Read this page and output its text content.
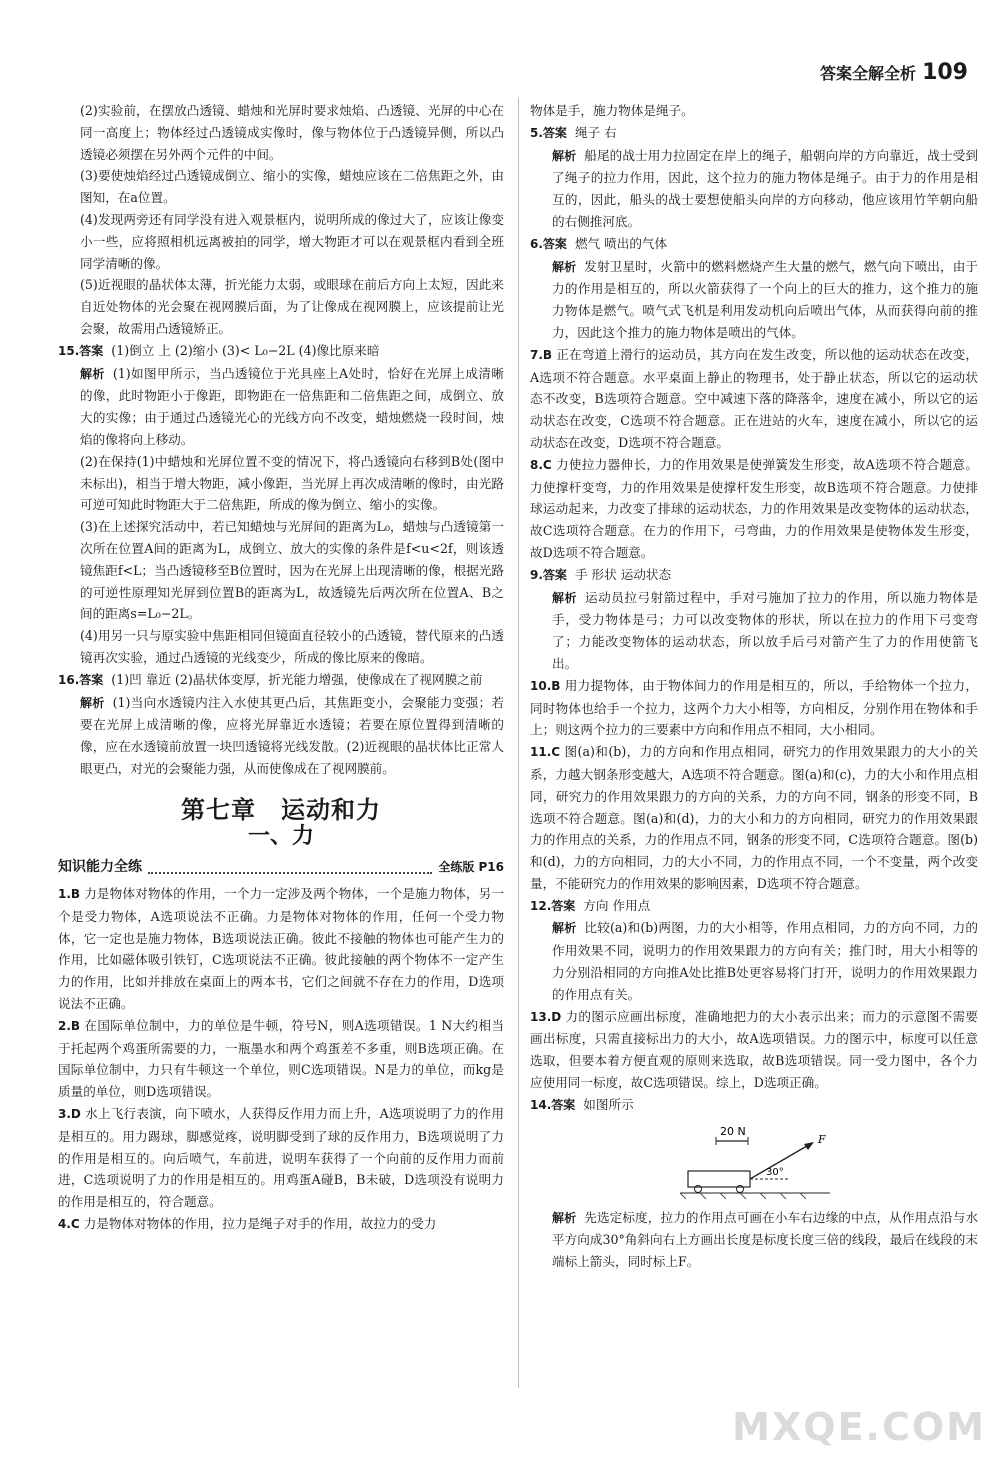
答案全解全析 109

(2)实验前，在摆放凸透镜、蜡烛和光屏时要求烛焰、凸透镜、光屏的中心在同一高度上；物体经过凸透镜成实像时，像与物体位于凸透镜异侧，所以凸透镜必须摆在另外两个元件的中间。

(3)要使烛焰经过凸透镜成倒立、缩小的实像，蜡烛应该在二倍焦距之外，由图知，在a位置。

(4)发现两旁还有同学没有进入观景框内，说明所成的像过大了，应该让像变小一些，应将照相机远离被拍的同学，增大物距才可以在观景框内看到全班同学清晰的像。

(5)近视眼的晶状体太薄，折光能力太弱，或眼球在前后方向上太短，因此来自近处物体的光会聚在视网膜后面，为了让像成在视网膜上，应该提前让光会聚，故需用凸透镜矫正。

15.答案 (1)倒立 上 (2)缩小 (3)< L₀−2L (4)像比原来暗

解析 (1)如图甲所示，当凸透镜位于光具座上A处时，恰好在光屏上成清晰的像，此时物距小于像距，即物距在一倍焦距和二倍焦距之间，成倒立、放大的实像；由于通过凸透镜光心的光线方向不改变，蜡烛燃烧一段时间，烛焰的像将向上移动。

(2)在保持(1)中蜡烛和光屏位置不变的情况下，将凸透镜向右移到B处(图中未标出)，相当于增大物距，减小像距，当光屏上再次成清晰的像时，由光路可逆可知此时物距大于二倍焦距，所成的像为倒立、缩小的实像。

(3)在上述探究活动中，若已知蜡烛与光屏间的距离为L₀，蜡烛与凸透镜第一次所在位置A间的距离为L，成倒立、放大的实像的条件是f<u<2f，则该透镜焦距f<L；当凸透镜移至B位置时，因为在光屏上出现清晰的像，根据光路的可逆性原理知光屏到位置B的距离为L，故透镜先后两次所在位置A、B之间的距离s=L₀−2L。

(4)用另一只与原实验中焦距相同但镜面直径较小的凸透镜，替代原来的凸透镜再次实验，通过凸透镜的光线变少，所成的像比原来的像暗。

16.答案 (1)凹 靠近 (2)晶状体变厚，折光能力增强，使像成在了视网膜之前

解析 (1)当向水透镜内注入水使其更凸后，其焦距变小，会聚能力变强；若要在光屏上成清晰的像，应将光屏靠近水透镜；若要在原位置得到清晰的像，应在水透镜前放置一块凹透镜将光线发散。(2)近视眼的晶状体比正常人眼更凸，对光的会聚能力强，从而使像成在了视网膜前。

第七章　运动和力
一、力
知识能力全练	全练版 P16

1.B 力是物体对物体的作用，一个力一定涉及两个物体，一个是施力物体，另一个是受力物体，A选项说法不正确。力是物体对物体的作用，任何一个受力物体，它一定也是施力物体，B选项说法正确。彼此不接触的物体也可能产生力的作用，比如磁体吸引铁钉，C选项说法不正确。彼此接触的两个物体不一定产生力的作用，比如并排放在桌面上的两本书，它们之间就不存在力的作用，D选项说法不正确。

2.B 在国际单位制中，力的单位是牛顿，符号N，则A选项错误。1 N大约相当于托起两个鸡蛋所需要的力，一瓶墨水和两个鸡蛋差不多重，则B选项正确。在国际单位制中，力只有牛顿这一个单位，则C选项错误。N是力的单位，而kg是质量的单位，则D选项错误。

3.D 水上飞行表演，向下喷水，人获得反作用力而上升，A选项说明了力的作用是相互的。用力踢球，脚感觉疼，说明脚受到了球的反作用力，B选项说明了力的作用是相互的。向后喷气，车前进，说明车获得了一个向前的反作用力而前进，C选项说明了力的作用是相互的。用鸡蛋A碰B，B未破，D选项没有说明力的作用是相互的，符合题意。

4.C 力是物体对物体的作用，拉力是绳子对手的作用，故拉力的受力

物体是手，施力物体是绳子。

5.答案 绳子 右

解析 船尾的战士用力拉固定在岸上的绳子，船朝向岸的方向靠近，战士受到了绳子的拉力作用，因此，这个拉力的施力物体是绳子。由于力的作用是相互的，因此，船头的战士要想使船头向岸的方向移动，他应该用竹竿朝向船的右侧推河底。

6.答案 燃气 喷出的气体

解析 发射卫星时，火箭中的燃料燃烧产生大量的燃气，燃气向下喷出，由于力的作用是相互的，所以火箭获得了一个向上的巨大的推力，这个推力的施力物体是燃气。喷气式飞机是利用发动机向后喷出气体，从而获得向前的推力，因此这个推力的施力物体是喷出的气体。

7.B 正在弯道上滑行的运动员，其方向在发生改变，所以他的运动状态在改变，A选项不符合题意。水平桌面上静止的物理书，处于静止状态，所以它的运动状态不改变，B选项符合题意。空中减速下落的降落伞，速度在减小，所以它的运动状态在改变，C选项不符合题意。正在进站的火车，速度在减小，所以它的运动状态在改变，D选项不符合题意。

8.C 力使拉力器伸长，力的作用效果是使弹簧发生形变，故A选项不符合题意。力使撑杆变弯，力的作用效果是使撑杆发生形变，故B选项不符合题意。力使排球运动起来，力改变了排球的运动状态，力的作用效果是改变物体的运动状态，故C选项符合题意。在力的作用下，弓弯曲，力的作用效果是使物体发生形变，故D选项不符合题意。

9.答案 手 形状 运动状态

解析 运动员拉弓射箭过程中，手对弓施加了拉力的作用，所以施力物体是手，受力物体是弓；力可以改变物体的形状，所以在拉力的作用下弓变弯了；力能改变物体的运动状态，所以放手后弓对箭产生了力的作用使箭飞出。

10.B 用力提物体，由于物体间力的作用是相互的，所以，手给物体一个拉力，同时物体也给手一个拉力，这两个力大小相等，方向相反，分别作用在物体和手上；则这两个拉力的三要素中方向和作用点不相同，大小相同。

11.C 图(a)和(b)，力的方向和作用点相同，研究力的作用效果跟力的大小的关系，力越大钢条形变越大，A选项不符合题意。图(a)和(c)，力的大小和作用点相同，研究力的作用效果跟力的方向的关系，力的方向不同，钢条的形变不同，B选项不符合题意。图(a)和(d)，力的大小和力的方向相同，研究力的作用效果跟力的作用点的关系，力的作用点不同，钢条的形变不同，C选项符合题意。图(b)和(d)，力的方向相同，力的大小不同，力的作用点不同，一个不变量，两个改变量，不能研究力的作用效果的影响因素，D选项不符合题意。

12.答案 方向 作用点

解析 比较(a)和(b)两图，力的大小相等，作用点相同，力的方向不同，力的作用效果不同，说明力的作用效果跟力的方向有关；推门时，用大小相等的力分别沿相同的方向推A处比推B处更容易将门打开，说明力的作用效果跟力的作用点有关。

13.D 力的图示应画出标度，准确地把力的大小表示出来；而力的示意图不需要画出标度，只需直接标出力的大小，故A选项错误。力的图示中，标度可以任意选取，但要本着方便直观的原则来选取，故B选项错误。同一受力图中，各个力应使用同一标度，故C选项错误。综上，D选项正确。

14.答案 如图所示

20 N
F
30°

解析 先选定标度，拉力的作用点可画在小车右边缘的中点，从作用点沿与水平方向成30°角斜向右上方画出长度是标度长度三倍的线段，最后在线段的末端标上箭头，同时标上F。

MXQE.COM
